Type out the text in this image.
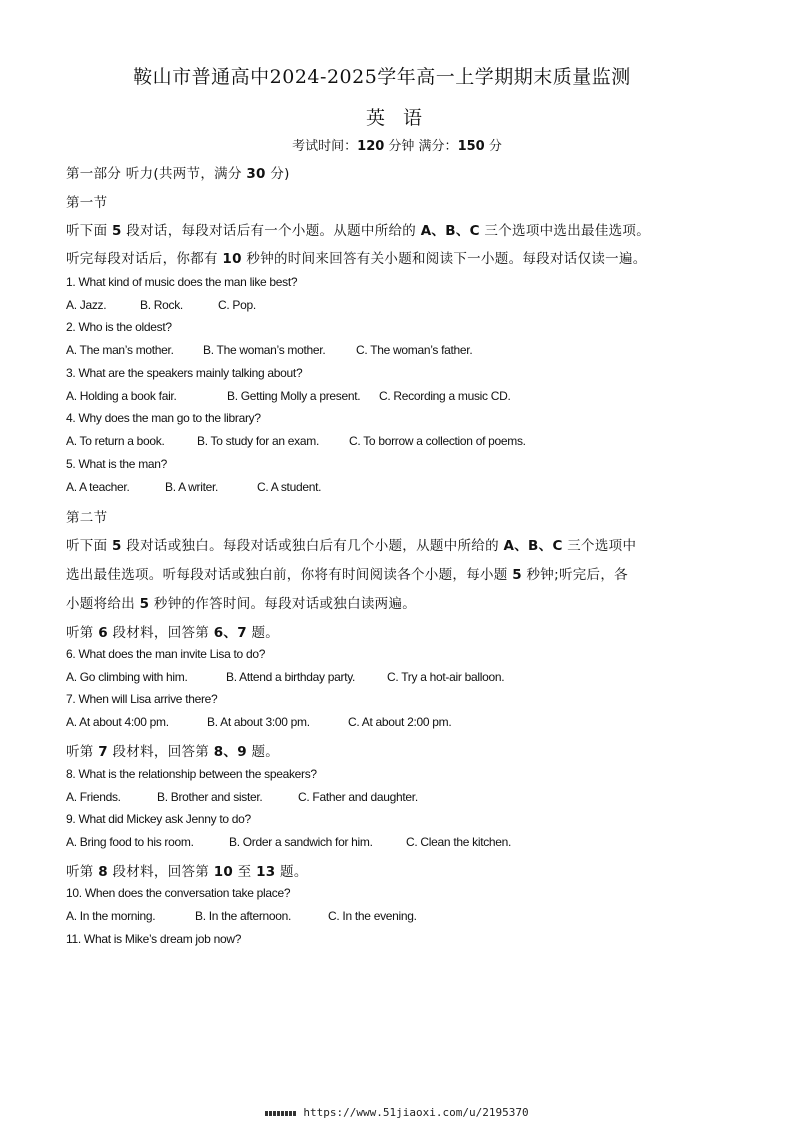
鞍山市普通高中2024-2025学年高一上学期期末质量监测
英 语
考试时间：120 分钟 满分：150 分
第一部分 听力(共两节，满分 30 分)
第一节
听下面 5 段对话，每段对话后有一个小题。从题中所给的 A、B、C 三个选项中选出最佳选项。
听完每段对话后，你都有 10 秒钟的时间来回答有关小题和阅读下一小题。每段对话仅读一遍。
1. What kind of music does the man like best?
A. Jazz.	B. Rock.	C. Pop.
2. Who is the oldest?
A. The man’s mother. B. The woman’s mother.	C. The woman’s father.
3. What are the speakers mainly talking about?
A. Holding a book fair.	B. Getting Molly a present. C. Recording a music CD.
4. Why does the man go to the library?
A. To return a book.	B. To study for an exam.	C. To borrow a collection of poems.
5. What is the man?
A. A teacher.	B. A writer.	C. A student.
第二节
听下面 5 段对话或独白。每段对话或独白后有几个小题，从题中所给的 A、B、C 三个选项中
选出最佳选项。听每段对话或独白前，你将有时间阅读各个小题，每小题 5 秒钟;听完后，各
小题将给出 5 秒钟的作答时间。每段对话或独白读两遍。
听第 6 段材料，回答第 6、7 题。
6. What does the man invite Lisa to do?
A. Go climbing with him.	B. Attend a birthday party.	C. Try a hot-air balloon.
7. When will Lisa arrive there?
A. At about 4:00 pm.	B. At about 3:00 pm.	C. At about 2:00 pm.
听第 7 段材料，回答第 8、9 题。
8. What is the relationship between the speakers?
A. Friends.	B. Brother and sister.	C. Father and daughter.
9. What did Mickey ask Jenny to do?
A. Bring food to his room.	B. Order a sandwich for him.	C. Clean the kitchen.
听第 8 段材料，回答第 10 至 13 题。
10. When does the conversation take place?
A. In the morning.	B. In the afternoon.	C. In the evening.
11. What is Mike’s dream job now?
https://www.51jiaoxi.com/u/2195370
